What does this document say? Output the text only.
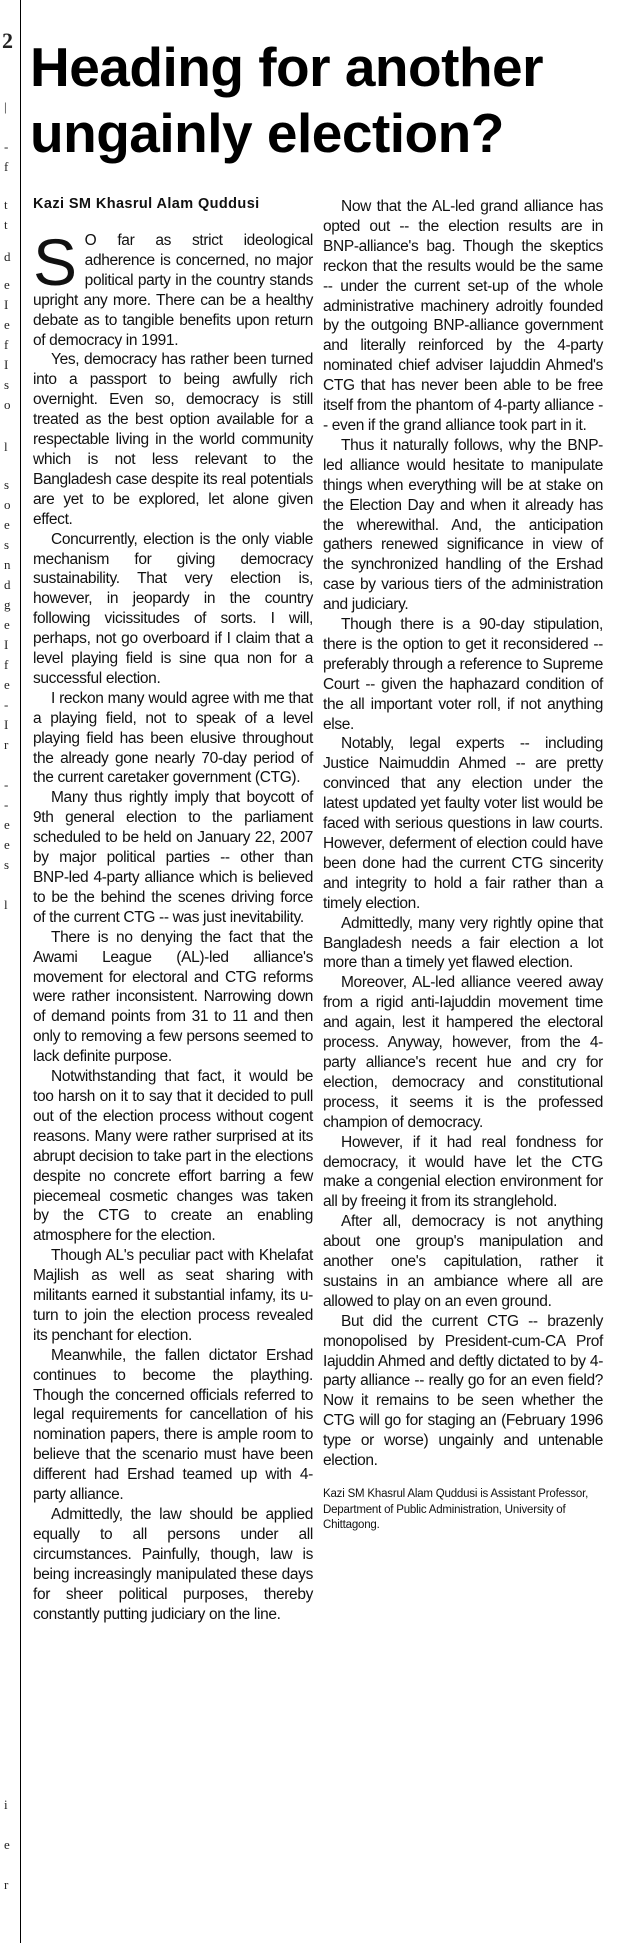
2
|
-
f
t
t
d
e
I
e
f
I
s
o
l
s
o
e
s
n
d
g
e
I
f
e
-
I
r
-
-
e
e
s
l
i
e
r
Heading for another ungainly election?
Kazi SM Khasrul Alam Quddusi

S O far as strict ideological adherence is concerned, no major political party in the country stands upright any more. There can be a healthy debate as to tangible benefits upon return of democracy in 1991.

Yes, democracy has rather been turned into a passport to being awfully rich overnight. Even so, democracy is still treated as the best option available for a respectable living in the world community which is not less relevant to the Bangladesh case despite its real potentials are yet to be explored, let alone given effect.

Concurrently, election is the only viable mechanism for giving democracy sustainability. That very election is, however, in jeopardy in the country following vicissitudes of sorts. I will, perhaps, not go overboard if I claim that a level playing field is sine qua non for a successful election.

I reckon many would agree with me that a playing field, not to speak of a level playing field has been elusive throughout the already gone nearly 70-day period of the current caretaker government (CTG).

Many thus rightly imply that boycott of 9th general election to the parliament scheduled to be held on January 22, 2007 by major political parties -- other than BNP-led 4-party alliance which is believed to be the behind the scenes driving force of the current CTG -- was just inevitability.

There is no denying the fact that the Awami League (AL)-led alliance's movement for electoral and CTG reforms were rather inconsistent. Narrowing down of demand points from 31 to 11 and then only to removing a few persons seemed to lack definite purpose.

Notwithstanding that fact, it would be too harsh on it to say that it decided to pull out of the election process without cogent reasons. Many were rather surprised at its abrupt decision to take part in the elections despite no concrete effort barring a few piecemeal cosmetic changes was taken by the CTG to create an enabling atmosphere for the election.

Though AL's peculiar pact with Khelafat Majlish as well as seat sharing with militants earned it substantial infamy, its u-turn to join the election process revealed its penchant for election.

Meanwhile, the fallen dictator Ershad continues to become the plaything. Though the concerned officials referred to legal requirements for cancellation of his nomination papers, there is ample room to believe that the scenario must have been different had Ershad teamed up with 4-party alliance.

Admittedly, the law should be applied equally to all persons under all circumstances. Painfully, though, law is being increasingly manipulated these days for sheer political purposes, thereby constantly putting judiciary on the line.

Now that the AL-led grand alliance has opted out -- the election results are in BNP-alliance's bag. Though the skeptics reckon that the results would be the same -- under the current set-up of the whole administrative machinery adroitly founded by the outgoing BNP-alliance government and literally reinforced by the 4-party nominated chief adviser Iajuddin Ahmed's CTG that has never been able to be free itself from the phantom of 4-party alliance -- even if the grand alliance took part in it.

Thus it naturally follows, why the BNP-led alliance would hesitate to manipulate things when everything will be at stake on the Election Day and when it already has the wherewithal. And, the anticipation gathers renewed significance in view of the synchronized handling of the Ershad case by various tiers of the administration and judiciary.

Though there is a 90-day stipulation, there is the option to get it reconsidered -- preferably through a reference to Supreme Court -- given the haphazard condition of the all important voter roll, if not anything else.

Notably, legal experts -- including Justice Naimuddin Ahmed -- are pretty convinced that any election under the latest updated yet faulty voter list would be faced with serious questions in law courts. However, deferment of election could have been done had the current CTG sincerity and integrity to hold a fair rather than a timely election.

Admittedly, many very rightly opine that Bangladesh needs a fair election a lot more than a timely yet flawed election.

Moreover, AL-led alliance veered away from a rigid anti-Iajuddin movement time and again, lest it hampered the electoral process. Anyway, however, from the 4-party alliance's recent hue and cry for election, democracy and constitutional process, it seems it is the professed champion of democracy.

However, if it had real fondness for democracy, it would have let the CTG make a congenial election environment for all by freeing it from its stranglehold.

After all, democracy is not anything about one group's manipulation and another one's capitulation, rather it sustains in an ambiance where all are allowed to play on an even ground.

But did the current CTG -- brazenly monopolised by President-cum-CA Prof Iajuddin Ahmed and deftly dictated to by 4-party alliance -- really go for an even field? Now it remains to be seen whether the CTG will go for staging an (February 1996 type or worse) ungainly and untenable election.

Kazi SM Khasrul Alam Quddusi is Assistant Professor, Department of Public Administration, University of Chittagong.
